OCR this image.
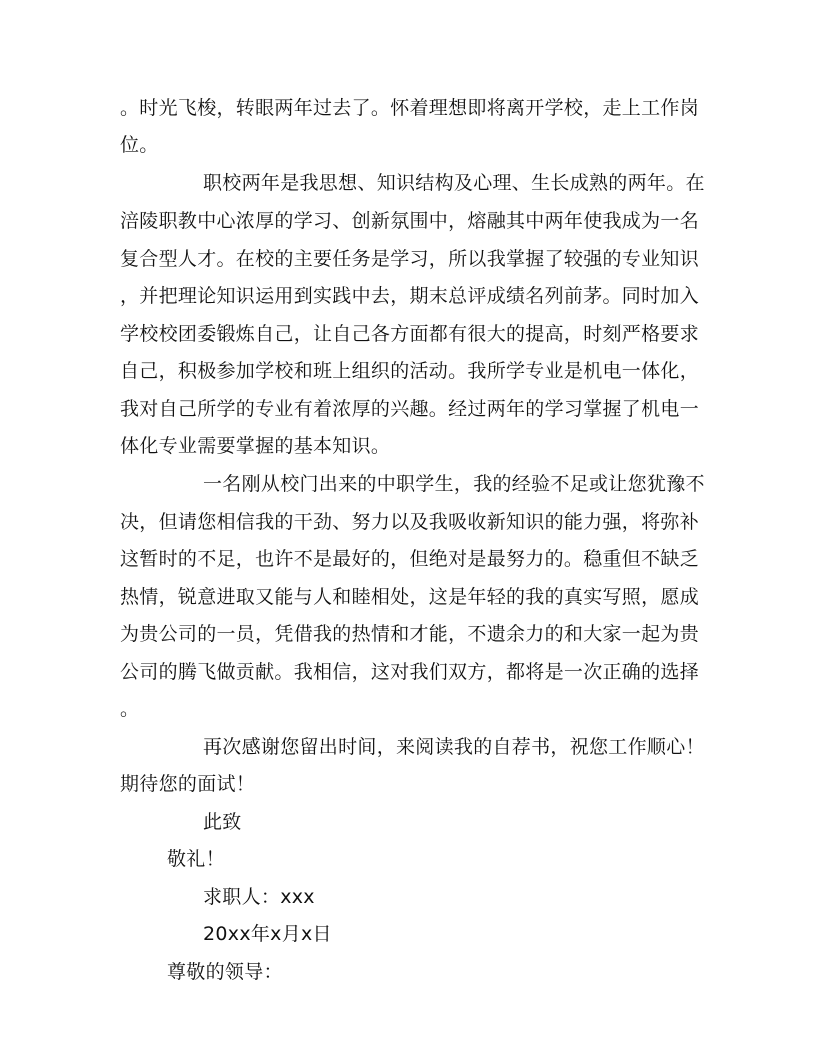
。时光飞梭，转眼两年过去了。怀着理想即将离开学校，走上工作岗
位。
职校两年是我思想、知识结构及心理、生长成熟的两年。在
涪陵职教中心浓厚的学习、创新氛围中，熔融其中两年使我成为一名
复合型人才。在校的主要任务是学习，所以我掌握了较强的专业知识
，并把理论知识运用到实践中去，期末总评成绩名列前茅。同时加入
学校校团委锻炼自己，让自己各方面都有很大的提高，时刻严格要求
自己，积极参加学校和班上组织的活动。我所学专业是机电一体化，
我对自己所学的专业有着浓厚的兴趣。经过两年的学习掌握了机电一
体化专业需要掌握的基本知识。
一名刚从校门出来的中职学生，我的经验不足或让您犹豫不
决，但请您相信我的干劲、努力以及我吸收新知识的能力强，将弥补
这暂时的不足，也许不是最好的，但绝对是最努力的。稳重但不缺乏
热情，锐意进取又能与人和睦相处，这是年轻的我的真实写照，愿成
为贵公司的一员，凭借我的热情和才能，不遗余力的和大家一起为贵
公司的腾飞做贡献。我相信，这对我们双方，都将是一次正确的选择
。
再次感谢您留出时间，来阅读我的自荐书，祝您工作顺心！
期待您的面试！
此致
敬礼！
求职人：xxx
20xx年x月x日
尊敬的领导：
